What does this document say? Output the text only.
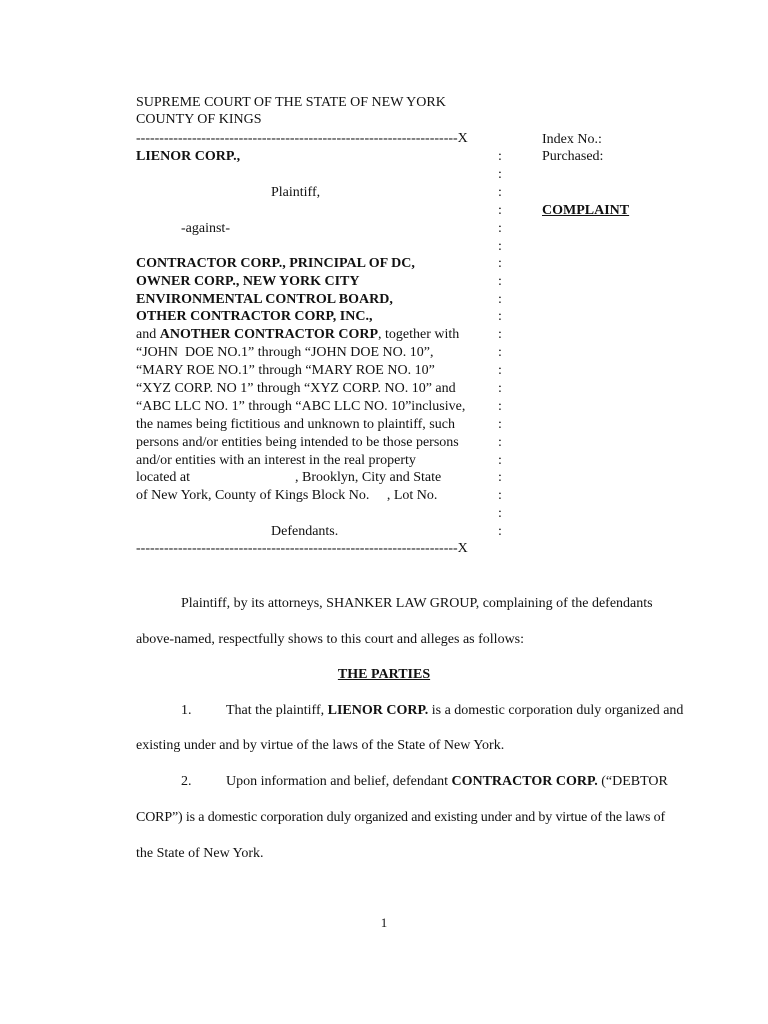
SUPREME COURT OF THE STATE OF NEW YORK
COUNTY OF KINGS
---------------------------------------------------------------------X
LIENOR CORP.,
Plaintiff,
-against-
CONTRACTOR CORP., PRINCIPAL OF DC,
OWNER CORP., NEW YORK CITY
ENVIRONMENTAL CONTROL BOARD,
OTHER CONTRACTOR CORP, INC.,
and ANOTHER CONTRACTOR CORP, together with
“JOHN  DOE NO.1” through “JOHN DOE NO. 10”,
“MARY ROE NO.1” through “MARY ROE NO. 10”
“XYZ CORP. NO 1” through “XYZ CORP. NO. 10” and
“ABC LLC NO. 1” through “ABC LLC NO. 10”inclusive,
the names being fictitious and unknown to plaintiff, such
persons and/or entities being intended to be those persons
and/or entities with an interest in the real property
located at                              , Brooklyn, City and State
of New York, County of Kings Block No.     , Lot No.
Defendants.
---------------------------------------------------------------------X
:
:
:
:
:
:
:
:
:
:
:
:
:
:
:
:
:
:
:
:
:
:
Index No.:
Purchased:
COMPLAINT
Plaintiff, by its attorneys, SHANKER LAW GROUP, complaining of the defendants
above-named, respectfully shows to this court and alleges as follows:
THE PARTIES
1. That the plaintiff, LIENOR CORP. is a domestic corporation duly organized and
existing under and by virtue of the laws of the State of New York.
2. Upon information and belief, defendant CONTRACTOR CORP. (“DEBTOR
CORP”) is a domestic corporation duly organized and existing under and by virtue of the laws of
the State of New York.
1
